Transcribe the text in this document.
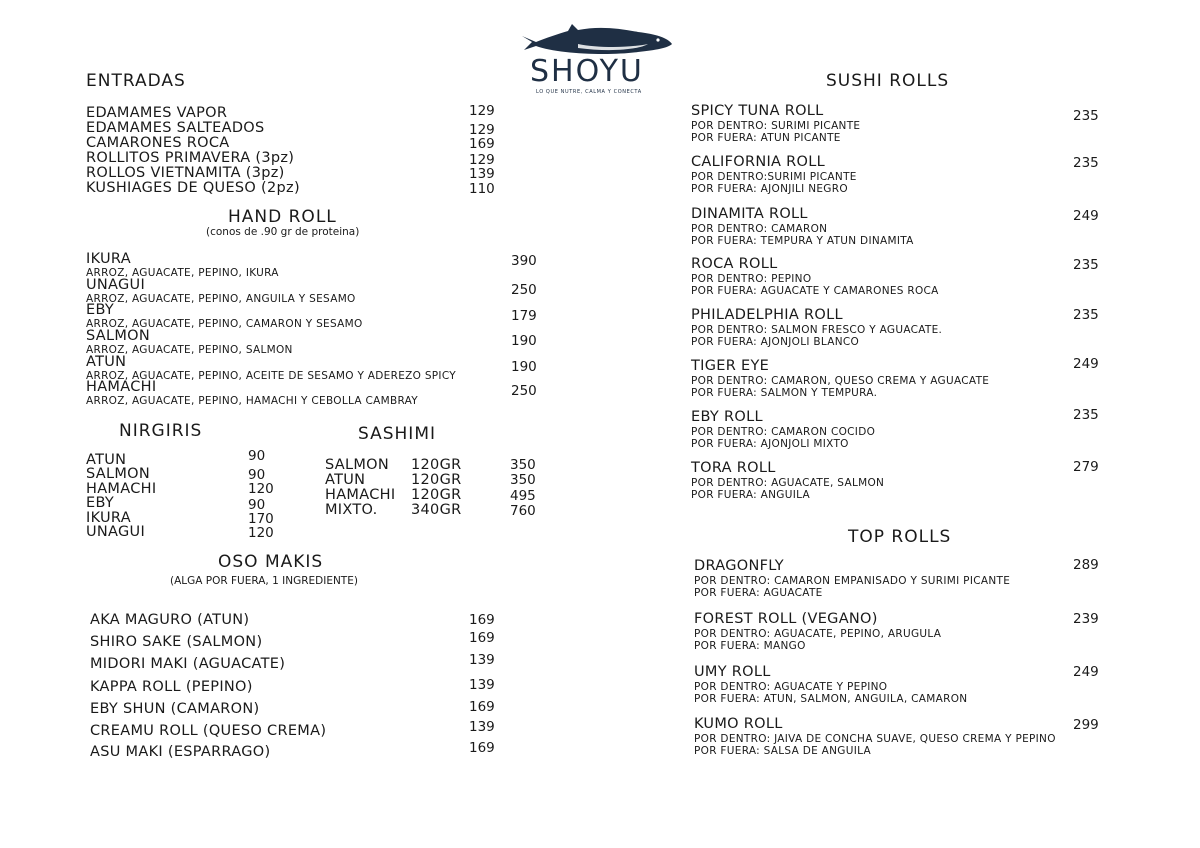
SHOYU
LO QUE NUTRE, CALMA Y CONECTA
ENTRADAS
EDAMAMES VAPOR	129
EDAMAMES SALTEADOS	129
CAMARONES ROCA	169
ROLLITOS PRIMAVERA (3pz)	129
ROLLOS VIETNAMITA (3pz)	139
KUSHIAGES DE QUESO (2pz)	110
HAND ROLL
(conos de .90 gr de proteina)
IKURA
ARROZ, AGUACATE, PEPINO, IKURA
390
UNAGUI
ARROZ, AGUACATE, PEPINO, ANGUILA Y SESAMO
250
EBY
ARROZ, AGUACATE, PEPINO, CAMARON Y SESAMO	179
SALMON
ARROZ, AGUACATE, PEPINO, SALMON
190
ATUN
ARROZ, AGUACATE, PEPINO, ACEITE DE SESAMO Y ADEREZO SPICY
190
HAMACHI
ARROZ, AGUACATE, PEPINO, HAMACHI Y CEBOLLA CAMBRAY
250
NIRGIRIS
ATUN	90
SALMON	90
HAMACHI	120
EBY	90
IKURA	170
UNAGUI	120
SASHIMI
SALMON 120GR	350
ATUN	120GR	350
HAMACHI 120GR	495
MIXTO. 340GR	760
OSO MAKIS
(ALGA POR FUERA, 1 INGREDIENTE)
AKA MAGURO (ATUN)	169
SHIRO SAKE (SALMON)	169
MIDORI MAKI (AGUACATE)	139
KAPPA ROLL (PEPINO)	139
EBY SHUN (CAMARON)	169
CREAMU ROLL (QUESO CREMA)	139
ASU MAKI (ESPARRAGO)	169
SUSHI ROLLS
SPICY TUNA ROLL
POR DENTRO: SURIMI PICANTE
POR FUERA: ATUN PICANTE
235
CALIFORNIA ROLL
POR DENTRO:SURIMI PICANTE
POR FUERA: AJONJILI NEGRO
235
DINAMITA ROLL
POR DENTRO: CAMARON
POR FUERA: TEMPURA Y ATUN DINAMITA
249
ROCA ROLL
POR DENTRO: PEPINO
POR FUERA: AGUACATE Y CAMARONES ROCA
235
PHILADELPHIA ROLL
POR DENTRO: SALMON FRESCO Y AGUACATE.
POR FUERA: AJONJOLI BLANCO
235
TIGER EYE
POR DENTRO: CAMARON, QUESO CREMA Y AGUACATE
POR FUERA: SALMON Y TEMPURA.
249
EBY ROLL
POR DENTRO: CAMARON COCIDO
POR FUERA: AJONJOLI MIXTO
235
TORA ROLL
POR DENTRO: AGUACATE, SALMON
POR FUERA: ANGUILA
279
TOP ROLLS
DRAGONFLY
POR DENTRO: CAMARON EMPANISADO Y SURIMI PICANTE
POR FUERA: AGUACATE
289
FOREST ROLL (VEGANO)
POR DENTRO: AGUACATE, PEPINO, ARUGULA
POR FUERA: MANGO
239
UMY ROLL
POR DENTRO: AGUACATE Y PEPINO
POR FUERA: ATUN, SALMON, ANGUILA, CAMARON
249
KUMO ROLL
POR DENTRO: JAIVA DE CONCHA SUAVE, QUESO CREMA Y PEPINO
POR FUERA: SALSA DE ANGUILA
299
